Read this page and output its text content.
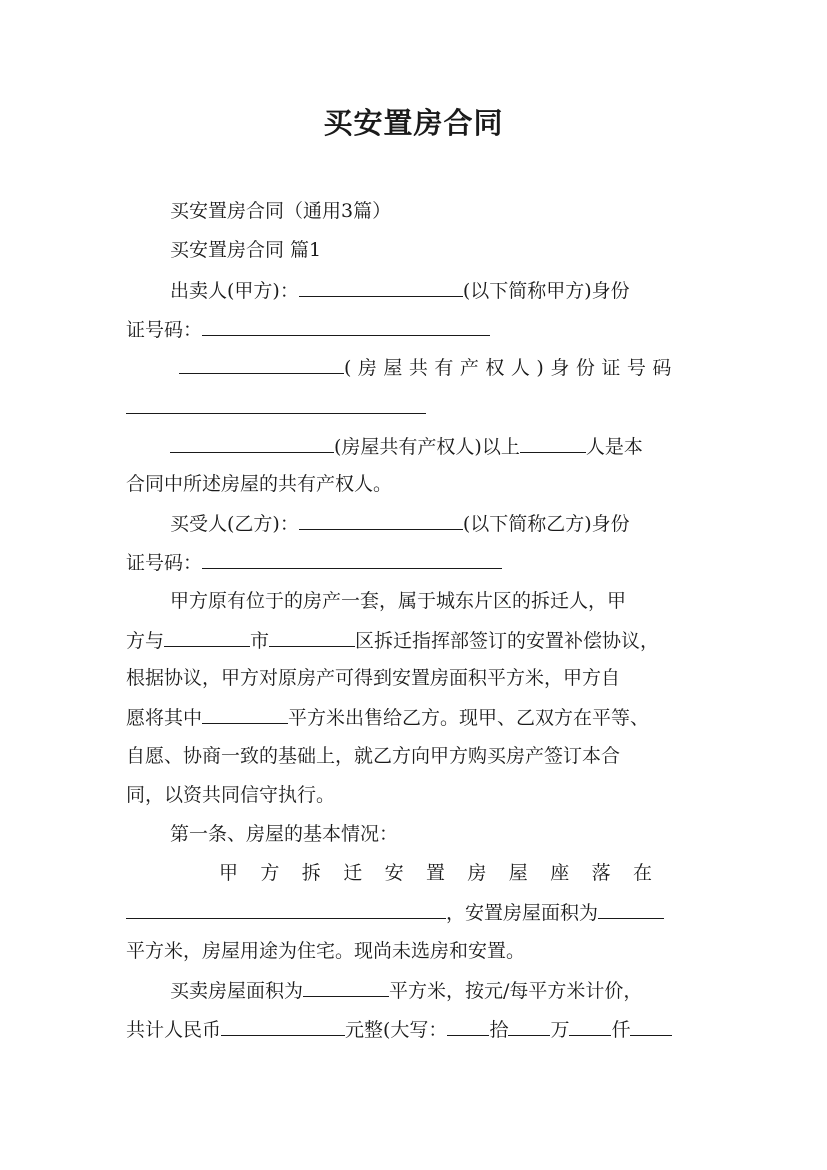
买安置房合同
买安置房合同（通用3篇）
买安置房合同 篇1
出卖人(甲方)：	(以下简称甲方)身份
证号码：
(房屋共有产权人)身份证号码
(房屋共有产权人)以上	人是本
合同中所述房屋的共有产权人。
买受人(乙方)：	(以下简称乙方)身份
证号码：
甲方原有位于的房产一套，属于城东片区的拆迁人，甲
方与	市	区拆迁指挥部签订的安置补偿协议，
根据协议，甲方对原房产可得到安置房面积平方米，甲方自
愿将其中	平方米出售给乙方。现甲、乙双方在平等、
自愿、协商一致的基础上，就乙方向甲方购买房产签订本合
同，以资共同信守执行。
第一条、房屋的基本情况：
甲方拆迁安置房屋座落在
，安置房屋面积为
平方米，房屋用途为住宅。现尚未选房和安置。
买卖房屋面积为	平方米，按元/每平方米计价，
共计人民币	元整(大写： 拾 万 仟
